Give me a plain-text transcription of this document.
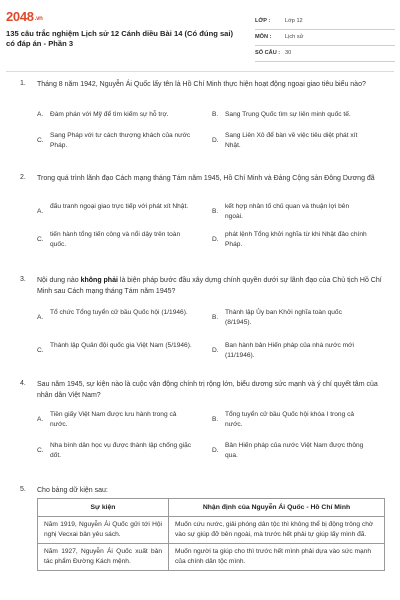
2048.vn
135 câu trắc nghiệm Lịch sử 12 Cánh diều Bài 14 (Có đúng sai) có đáp án - Phần 3
LỚP :	Lớp 12
MÔN : Lịch sử
SỐ CÂU : 30
1. Tháng 8 năm 1942, Nguyễn Ái Quốc lấy tên là Hồ Chí Minh thực hiện hoạt động ngoại giao tiêu biểu nào?
A. Đàm phán với Mỹ để tìm kiếm sự hỗ trợ.	B. Sang Trung Quốc tìm sự liên minh quốc tế.
C.
Sang Pháp với tư cách thượng khách của nước Pháp.
D.
Sang Liên Xô để bàn về việc tiêu diệt phát xít Nhật.
2. Trong quá trình lãnh đạo Cách mạng tháng Tám năm 1945, Hồ Chí Minh và Đảng Cộng sản Đông Dương đã
A.
đấu tranh ngoại giao trực tiếp với phát xít Nhật.
B.
kết hợp nhân tố chủ quan và thuận lợi bên ngoài.
C.
tiến hành tổng tiến công và nổi dậy trên toàn quốc.
D.
phát lệnh Tổng khởi nghĩa từ khi Nhật đảo chính Pháp.
3. Nội dung nào không phải là biện pháp bước đầu xây dựng chính quyền dưới sự lãnh đạo của Chủ tịch Hồ Chí Minh sau Cách mạng tháng Tám năm 1945?
A.
Tổ chức Tổng tuyển cử bầu Quốc hội (1/1946).
B.
Thành lập Ủy ban Khởi nghĩa toàn quốc (8/1945).
C.
Thành lập Quân đội quốc gia Việt Nam (5/1946).
D.
Ban hành bản Hiến pháp của nhà nước mới (11/1946).
4. Sau năm 1945, sự kiện nào là cuộc vận động chính trị rộng lớn, biểu dương sức mạnh và ý chí quyết tâm của nhân dân Việt Nam?
A.
Tiền giấy Việt Nam được lưu hành trong cả nước.
B.
Tổng tuyển cử bầu Quốc hội khóa I trong cả nước.
C.
Nha bình dân học vụ được thành lập chống giặc dốt.
D.
Bản Hiến pháp của nước Việt Nam được thông qua.
5. Cho bảng dữ kiện sau:
Sự kiện	Nhận định của Nguyễn Ái Quốc - Hồ Chí Minh
Năm 1919, Nguyễn Ái Quốc gửi tới Hội nghị Vecxai bản yêu sách.	Muốn cứu nước, giải phóng dân tộc thì không thể bị động trông chờ vào sự giúp đỡ bên ngoài, mà trước hết phải tự giúp lấy mình đã.
Năm 1927, Nguyễn Ái Quốc xuất bản tác phẩm Đường Kách mệnh.	Muốn người ta giúp cho thì trước hết mình phải dựa vào sức mạnh của chính dân tộc mình.
